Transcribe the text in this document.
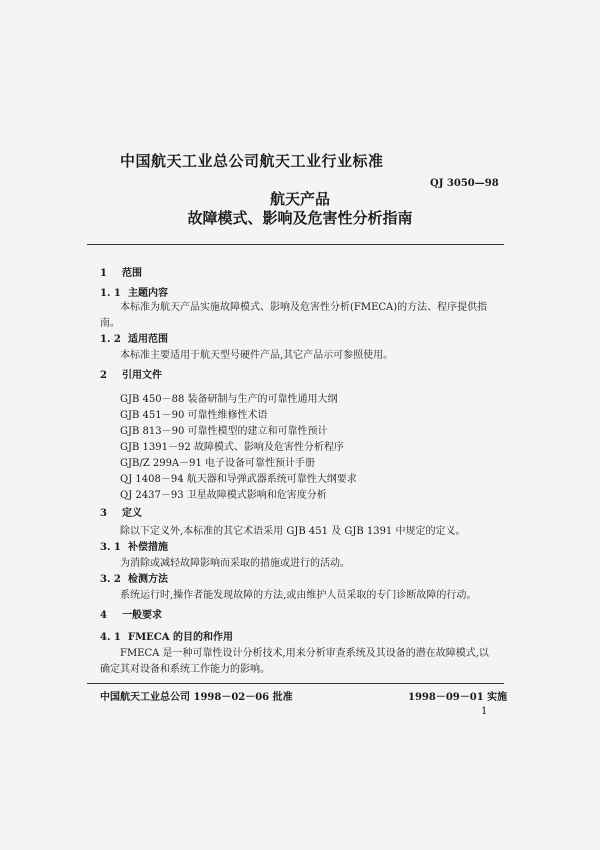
中国航天工业总公司航天工业行业标准
QJ 3050—98
航天产品
故障模式、影响及危害性分析指南
1 范围
1. 1 主题内容
本标准为航天产品实施故障模式、影响及危害性分析(FMECA)的方法、程序提供指
南。
1. 2 适用范围
本标准主要适用于航天型号硬件产品,其它产品示可参照使用。
2 引用文件
GJB 450－88 装备研制与生产的可靠性通用大纲
GJB 451－90 可靠性维修性术语
GJB 813－90 可靠性模型的建立和可靠性预计
GJB 1391－92 故障模式、影响及危害性分析程序
GJB/Z 299A－91 电子设备可靠性预计手册
QJ 1408－94 航天器和导弹武器系统可靠性大纲要求
QJ 2437－93 卫星故障模式影响和危害度分析
3 定义
除以下定义外,本标准的其它术语采用 GJB 451 及 GJB 1391 中规定的定义。
3. 1 补偿措施
为消除或减轻故障影响而采取的措施或进行的活动。
3. 2 检测方法
系统运行时,操作者能发现故障的方法,或由维护人员采取的专门诊断故障的行动。
4 一般要求
4. 1 FMECA 的目的和作用
FMECA 是一种可靠性设计分析技术,用来分析审查系统及其设备的潜在故障模式,以
确定其对设备和系统工作能力的影响。
中国航天工业总公司 1998－02－06 批准	1998－09－01 实施
1
